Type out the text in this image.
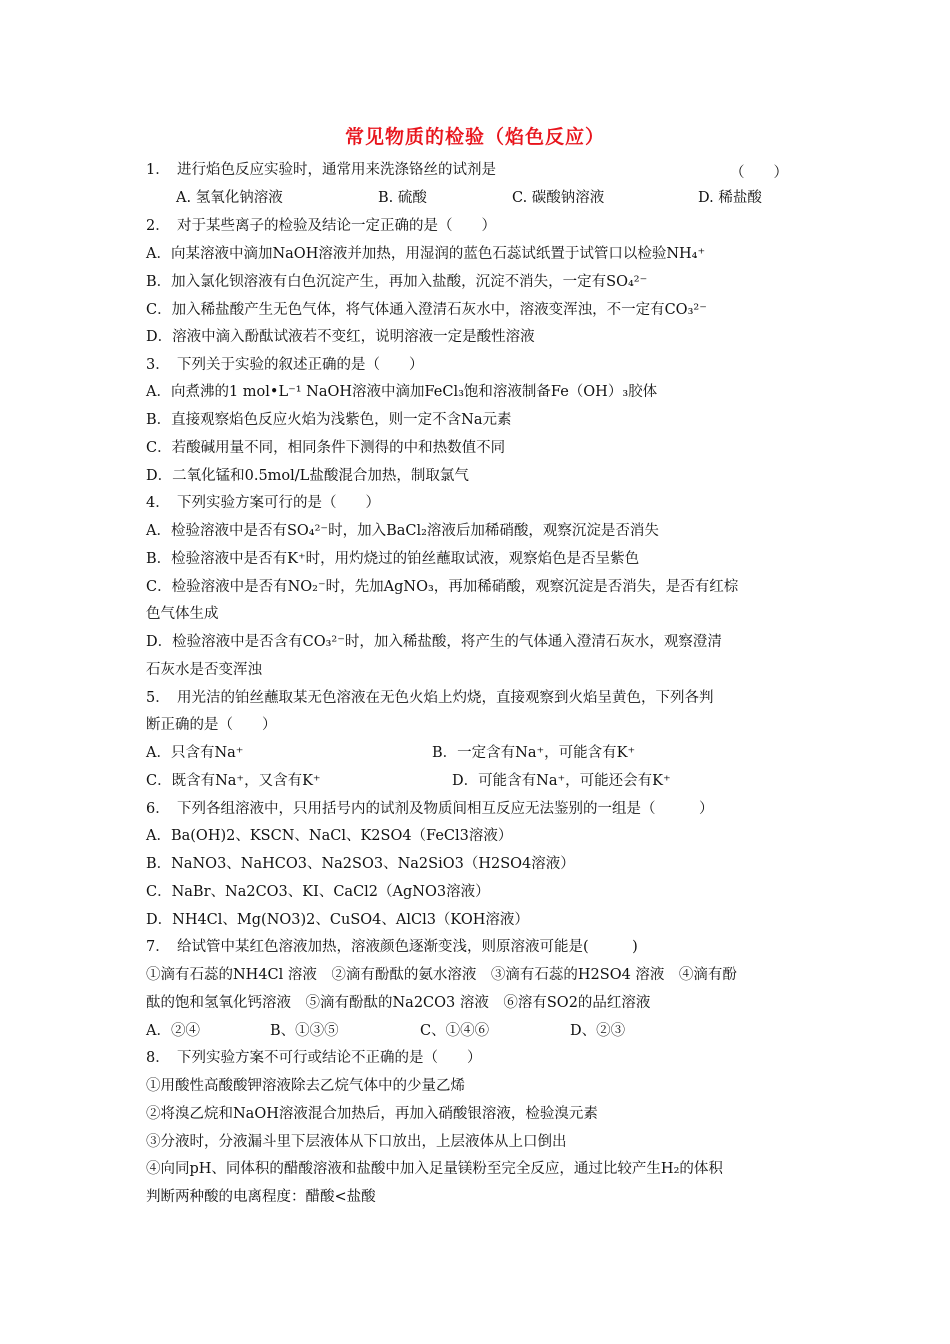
常见物质的检验（焰色反应）
1．　进行焰色反应实验时，通常用来洗涤铬丝的试剂是	（　　）
A. 氢氧化钠溶液	B. 硫酸	C. 碳酸钠溶液	D. 稀盐酸
2．　对于某些离子的检验及结论一定正确的是（　　）
A．向某溶液中滴加NaOH溶液并加热，用湿润的蓝色石蕊试纸置于试管口以检验NH₄⁺
B．加入氯化钡溶液有白色沉淀产生，再加入盐酸，沉淀不消失，一定有SO₄²⁻
C．加入稀盐酸产生无色气体，将气体通入澄清石灰水中，溶液变浑浊，不一定有CO₃²⁻
D．溶液中滴入酚酞试液若不变红，说明溶液一定是酸性溶液
3．　下列关于实验的叙述正确的是（　　）
A．向煮沸的1 mol•L⁻¹ NaOH溶液中滴加FeCl₃饱和溶液制备Fe（OH）₃胶体
B．直接观察焰色反应火焰为浅紫色，则一定不含Na元素
C．若酸碱用量不同，相同条件下测得的中和热数值不同
D．二氧化锰和0.5mol/L盐酸混合加热，制取氯气
4．　下列实验方案可行的是（　　）
A．检验溶液中是否有SO₄²⁻时，加入BaCl₂溶液后加稀硝酸，观察沉淀是否消失
B．检验溶液中是否有K⁺时，用灼烧过的铂丝蘸取试液，观察焰色是否呈紫色
C．检验溶液中是否有NO₂⁻时，先加AgNO₃，再加稀硝酸，观察沉淀是否消失，是否有红棕
色气体生成
D．检验溶液中是否含有CO₃²⁻时，加入稀盐酸，将产生的气体通入澄清石灰水，观察澄清
石灰水是否变浑浊
5．　用光洁的铂丝蘸取某无色溶液在无色火焰上灼烧，直接观察到火焰呈黄色，下列各判
断正确的是（　　）
A．只含有Na⁺	B．一定含有Na⁺，可能含有K⁺
C．既含有Na⁺，又含有K⁺	D．可能含有Na⁺，可能还会有K⁺
6．　下列各组溶液中，只用括号内的试剂及物质间相互反应无法鉴别的一组是（　　　）
A．Ba(OH)2、KSCN、NaCl、K2SO4（FeCl3溶液）
B．NaNO3、NaHCO3、Na2SO3、Na2SiO3（H2SO4溶液）
C．NaBr、Na2CO3、KI、CaCl2（AgNO3溶液）
D．NH4Cl、Mg(NO3)2、CuSO4、AlCl3（KOH溶液）
7．　给试管中某红色溶液加热，溶液颜色逐渐变浅，则原溶液可能是(　　　)
①滴有石蕊的NH4Cl 溶液　②滴有酚酞的氨水溶液　③滴有石蕊的H2SO4 溶液　④滴有酚
酞的饱和氢氧化钙溶液　⑤滴有酚酞的Na2CO3 溶液　⑥溶有SO2的品红溶液
A．②④	B、①③⑤	C、①④⑥	D、②③
8．　下列实验方案不可行或结论不正确的是（　　）
①用酸性高酸酸钾溶液除去乙烷气体中的少量乙烯
②将溴乙烷和NaOH溶液混合加热后，再加入硝酸银溶液，检验溴元素
③分液时，分液漏斗里下层液体从下口放出，上层液体从上口倒出
④向同pH、同体积的醋酸溶液和盐酸中加入足量镁粉至完全反应，通过比较产生H₂的体积
判断两种酸的电离程度：醋酸<盐酸
